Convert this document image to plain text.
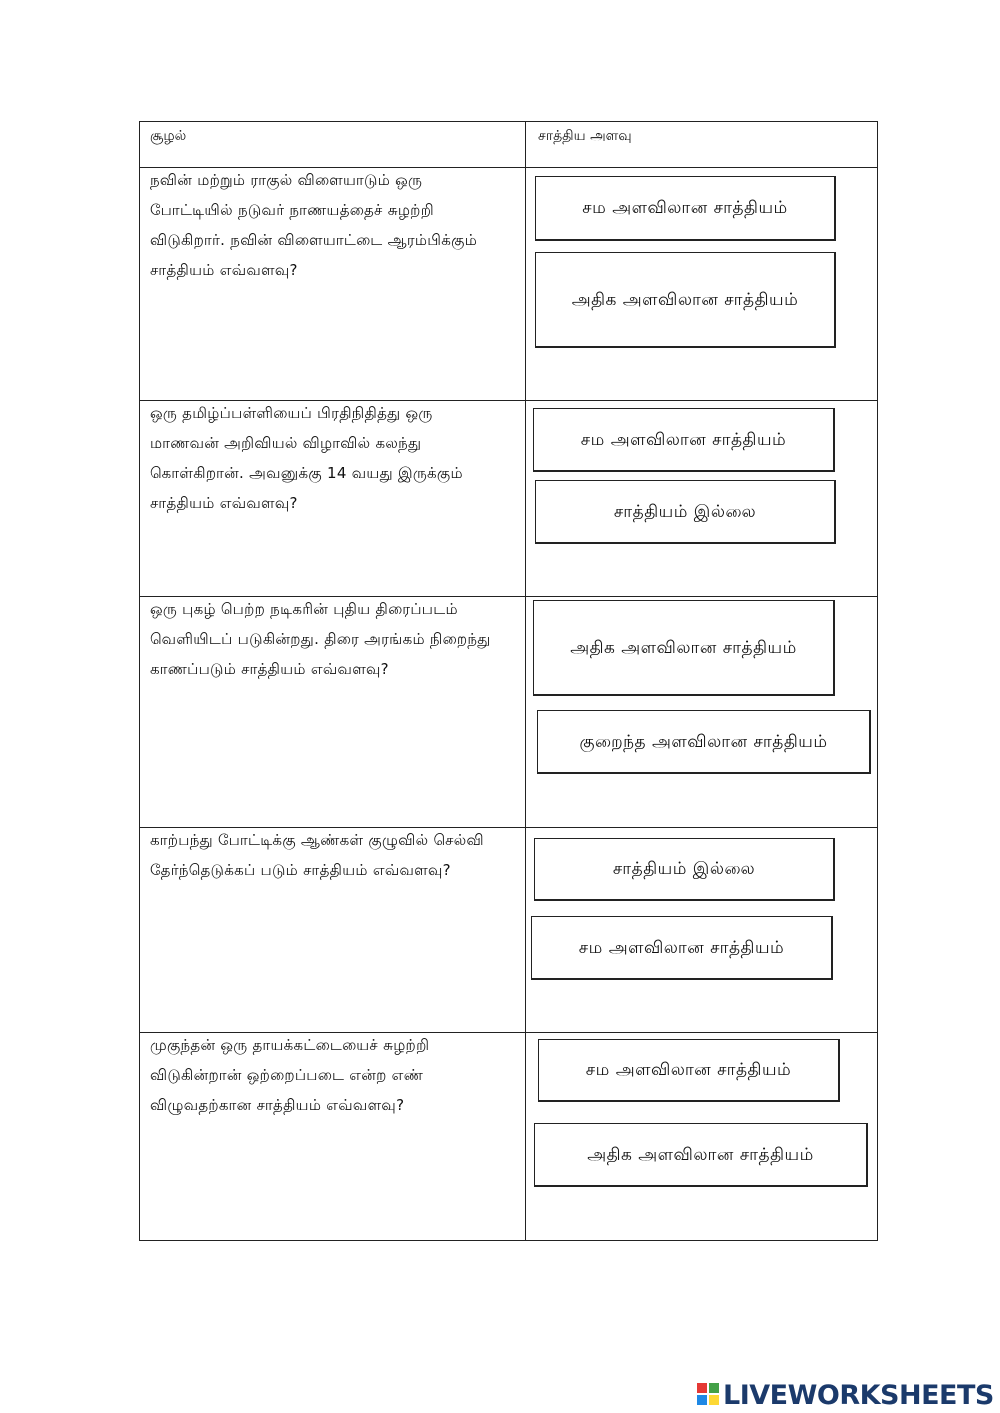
சூழல்	சாத்திய அளவு
நவின் மற்றும் ராகுல் விளையாடும் ஒரு போட்டியில் நடுவர் நாணயத்தைச் சுழற்றி விடுகிறார். நவின் விளையாட்டை ஆரம்பிக்கும் சாத்தியம் எவ்வளவு?
சம அளவிலான சாத்தியம்
அதிக அளவிலான சாத்தியம்
ஒரு தமிழ்ப்பள்ளியைப் பிரதிநிதித்து ஒரு மாணவன் அறிவியல் விழாவில் கலந்து கொள்கிறான். அவனுக்கு 14 வயது இருக்கும் சாத்தியம் எவ்வளவு?
சம அளவிலான சாத்தியம்
சாத்தியம் இல்லை
ஒரு புகழ் பெற்ற நடிகரின் புதிய திரைப்படம் வெளியிடப் படுகின்றது. திரை அரங்கம் நிறைந்து காணப்படும் சாத்தியம் எவ்வளவு?
அதிக அளவிலான சாத்தியம்
குறைந்த அளவிலான சாத்தியம்
காற்பந்து போட்டிக்கு ஆண்கள் குழுவில் செல்வி தேர்ந்தெடுக்கப் படும் சாத்தியம் எவ்வளவு?	சாத்தியம் இல்லை
சம அளவிலான சாத்தியம்
முகுந்தன் ஒரு தாயக்கட்டையைச் சுழற்றி விடுகின்றான் ஒற்றைப்படை என்ற எண் விழுவதற்கான சாத்தியம் எவ்வளவு?
சம அளவிலான சாத்தியம்
அதிக அளவிலான சாத்தியம்
LIVEWORKSHEETS
